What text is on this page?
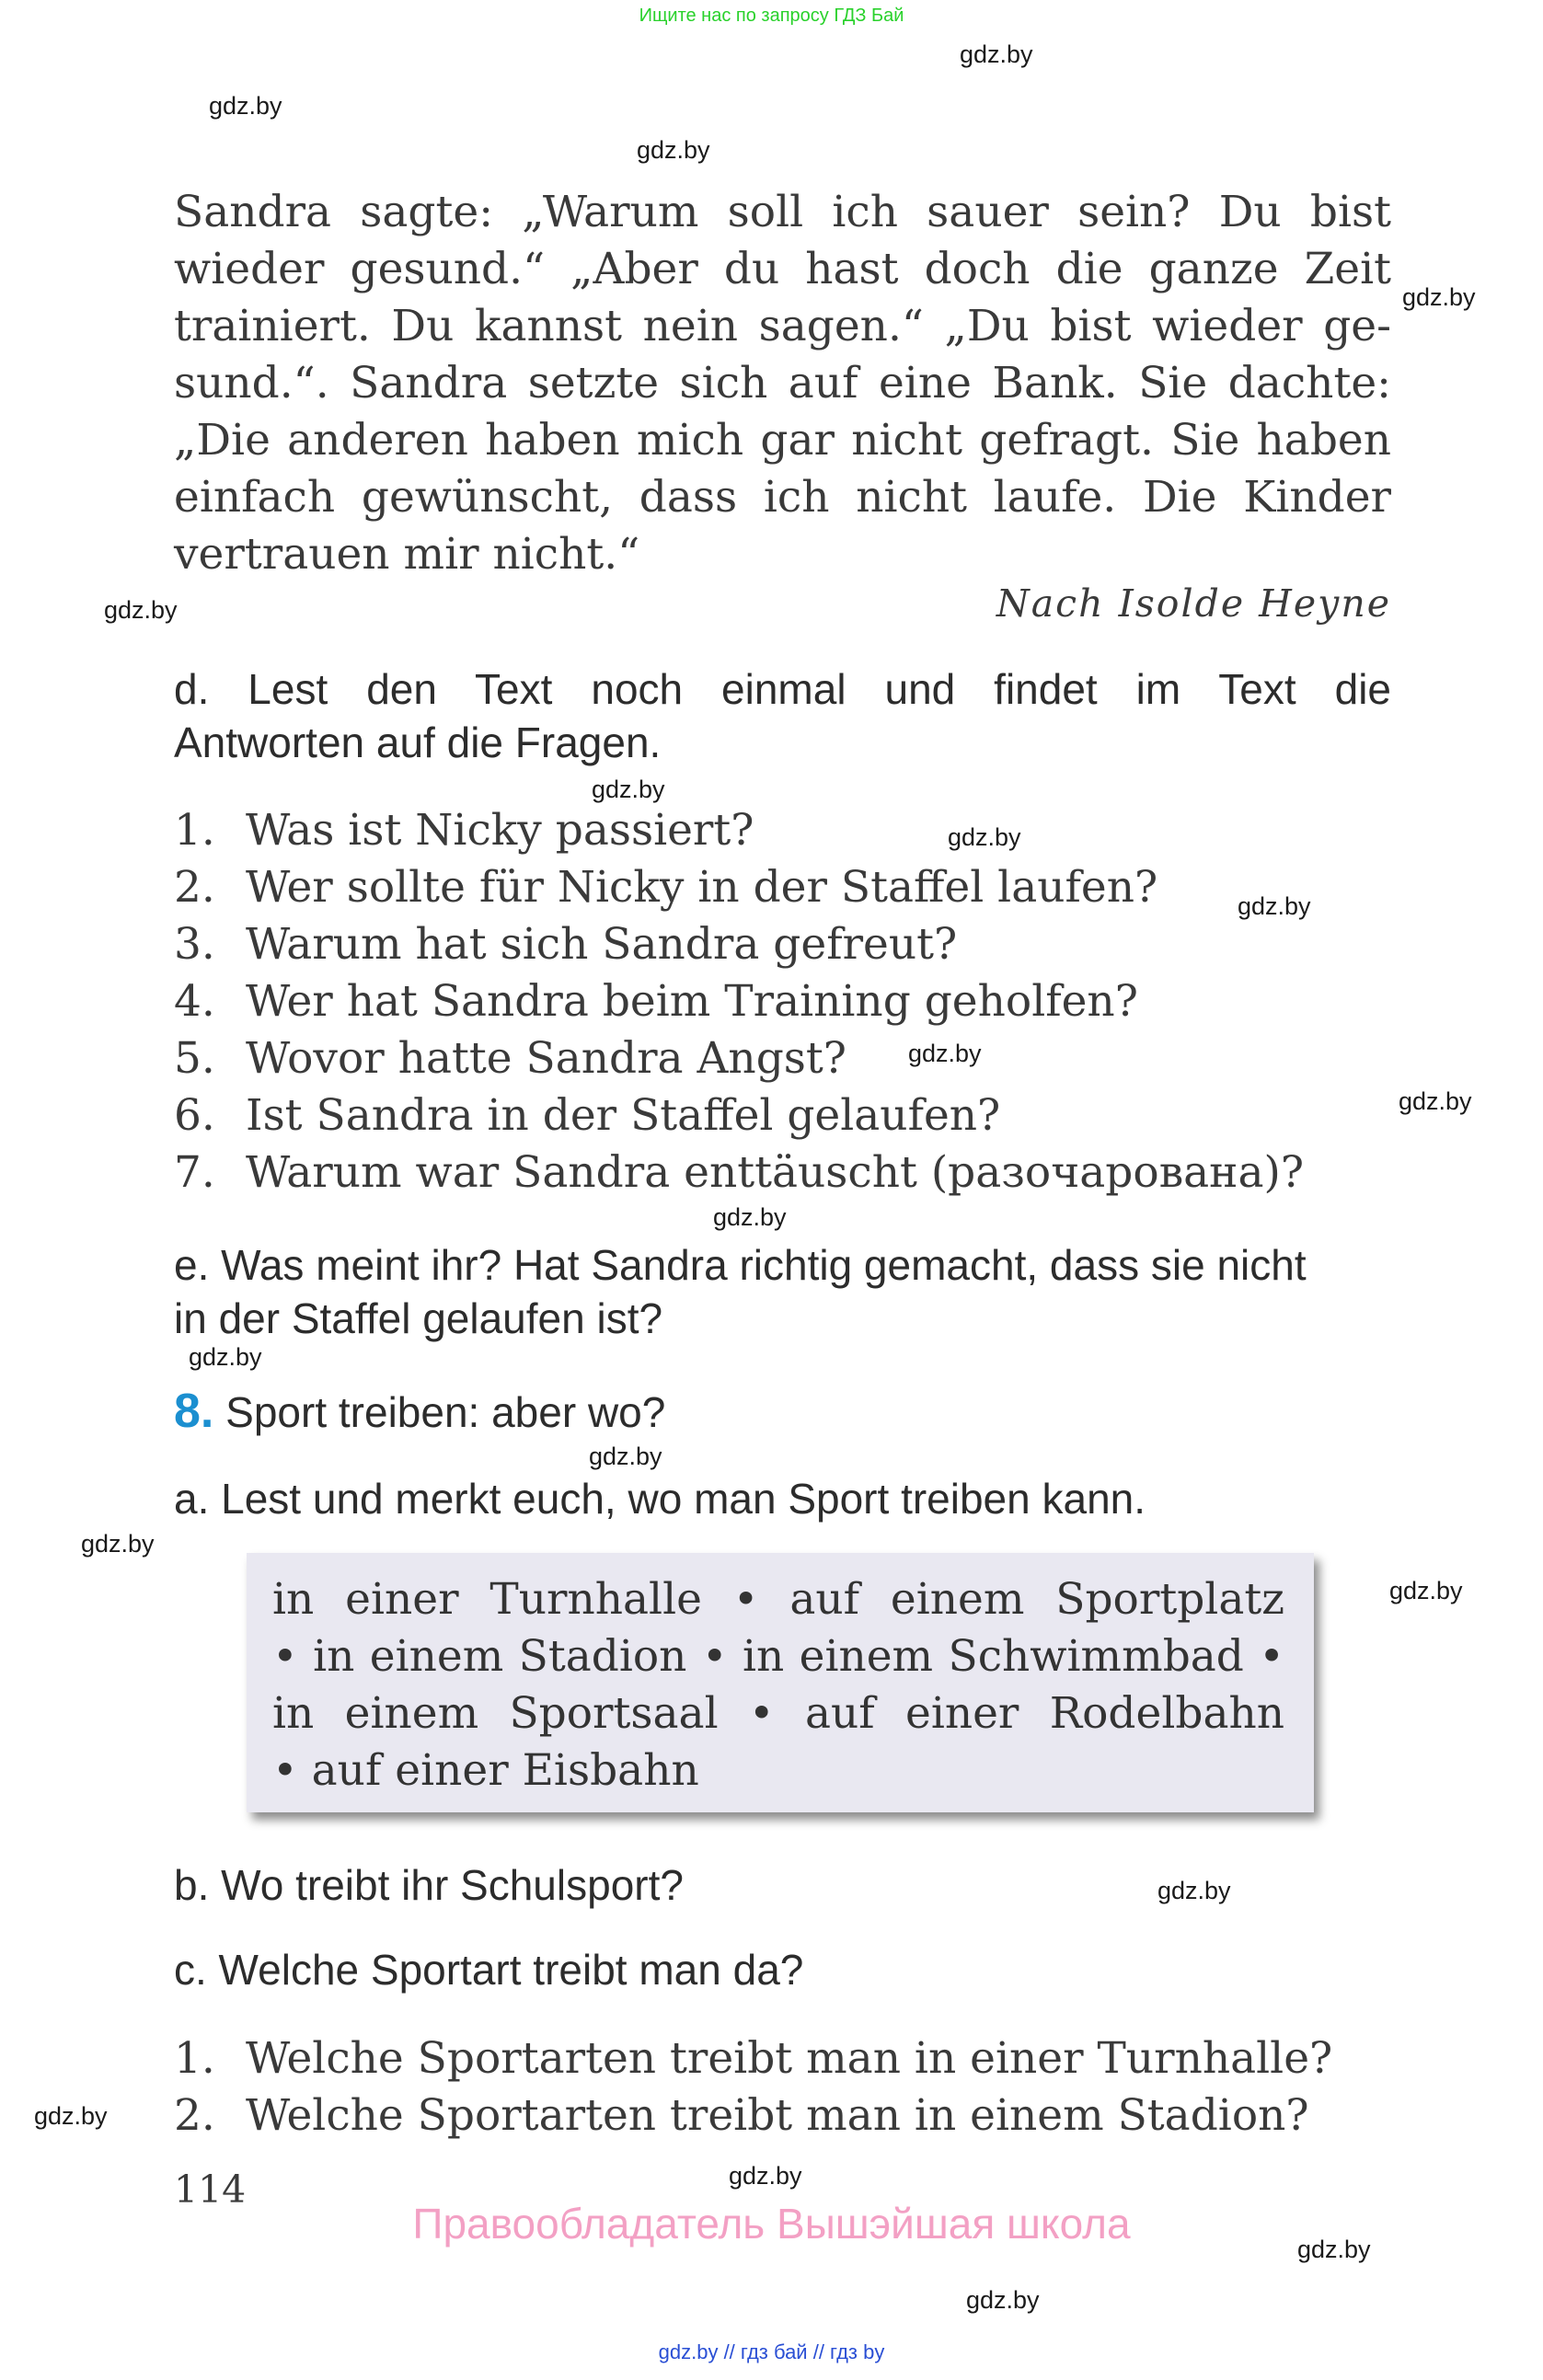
Ищите нас по запросу ГДЗ Бай
gdz.by
gdz.by
gdz.by
gdz.by
gdz.by
gdz.by
gdz.by
gdz.by
gdz.by
gdz.by
gdz.by
gdz.by
gdz.by
gdz.by
gdz.by
gdz.by
gdz.by
gdz.by
gdz.by
gdz.by
Sandra sagte: „Warum soll ich sauer sein? Du bist
wieder gesund.“ „Aber du hast doch die ganze Zeit
trainiert. Du kannst nein sagen.“ „Du bist wieder ge-
sund.“. Sandra setzte sich auf eine Bank. Sie dachte:
„Die anderen haben mich gar nicht gefragt. Sie haben
einfach gewünscht, dass ich nicht laufe. Die Kinder
vertrauen mir nicht.“
Nach Isolde Heyne
d. Lest den Text noch einmal und findet im Text die
Antworten auf die Fragen.
1. Was ist Nicky passiert?
2. Wer sollte für Nicky in der Staffel laufen?
3. Warum hat sich Sandra gefreut?
4. Wer hat Sandra beim Training geholfen?
5. Wovor hatte Sandra Angst?
6. Ist Sandra in der Staffel gelaufen?
7. Warum war Sandra enttäuscht (разочарована)?
e. Was meint ihr? Hat Sandra richtig gemacht, dass sie nicht
in der Staffel gelaufen ist?
8. Sport treiben: aber wo?
a. Lest und merkt euch, wo man Sport treiben kann.
in einer Turnhalle • auf einem Sportplatz
• in einem Stadion • in einem Schwimmbad •
in einem Sportsaal • auf einer Rodelbahn
• auf einer Eisbahn
b. Wo treibt ihr Schulsport?
c. Welche Sportart treibt man da?
1. Welche Sportarten treibt man in einer Turnhalle?
2. Welche Sportarten treibt man in einem Stadion?
114
Правообладатель Вышэйшая школа
gdz.by // гдз бай // гдз by
